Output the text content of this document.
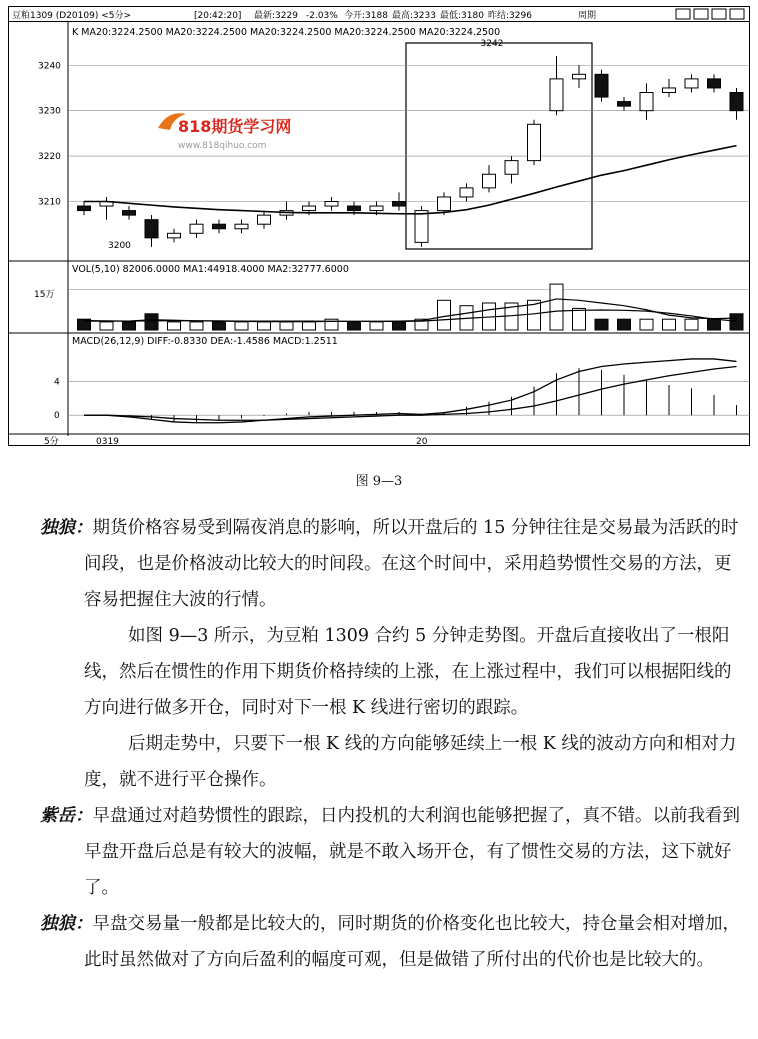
豆粕1309 (D20109) <5分>	[20:42:20] 最新:3229 -2.03% 今开:3188 最高:3233 最低:3180 昨结:3296	周期
K MA20:3224.2500 MA20:3224.2500 MA20:3224.2500 MA20:3224.2500 MA20:3224.2500
VOL(5,10) 82006.0000 MA1:44918.4000 MA2:32777.6000
MACD(26,12,9) DIFF:-0.8330 DEA:-1.4586 MACD:1.2511
5分	0319	20
15万
818期货学习网
www.818qihuo.com
3240
3230
3220
3210
4
0
3242
3200
图 9—3

独狼：期货价格容易受到隔夜消息的影响，所以开盘后的 15 分钟往往是交易最为活跃的时间段，也是价格波动比较大的时间段。在这个时间中，采用趋势惯性交易的方法，更容易把握住大波的行情。

如图 9—3 所示，为豆粕 1309 合约 5 分钟走势图。开盘后直接收出了一根阳线，然后在惯性的作用下期货价格持续的上涨，在上涨过程中，我们可以根据阳线的方向进行做多开仓，同时对下一根 K 线进行密切的跟踪。

后期走势中，只要下一根 K 线的方向能够延续上一根 K 线的波动方向和相对力度，就不进行平仓操作。

紫岳：早盘通过对趋势惯性的跟踪，日内投机的大利润也能够把握了，真不错。以前我看到早盘开盘后总是有较大的波幅，就是不敢入场开仓，有了惯性交易的方法，这下就好了。

独狼：早盘交易量一般都是比较大的，同时期货的价格变化也比较大，持仓量会相对增加，此时虽然做对了方向后盈利的幅度可观，但是做错了所付出的代价也是比较大的。
